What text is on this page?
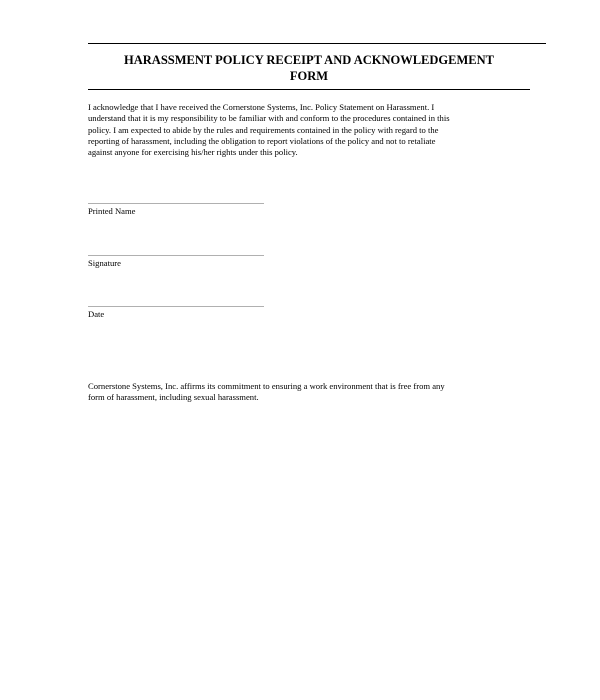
HARASSMENT POLICY RECEIPT AND ACKNOWLEDGEMENT
FORM
I acknowledge that I have received the Cornerstone Systems, Inc. Policy Statement on Harassment. I
understand that it is my responsibility to be familiar with and conform to the procedures contained in this
policy. I am expected to abide by the rules and requirements contained in the policy with regard to the
reporting of harassment, including the obligation to report violations of the policy and not to retaliate
against anyone for exercising his/her rights under this policy.
Printed Name
Signature
Date
Cornerstone Systems, Inc. affirms its commitment to ensuring a work environment that is free from any
form of harassment, including sexual harassment.
